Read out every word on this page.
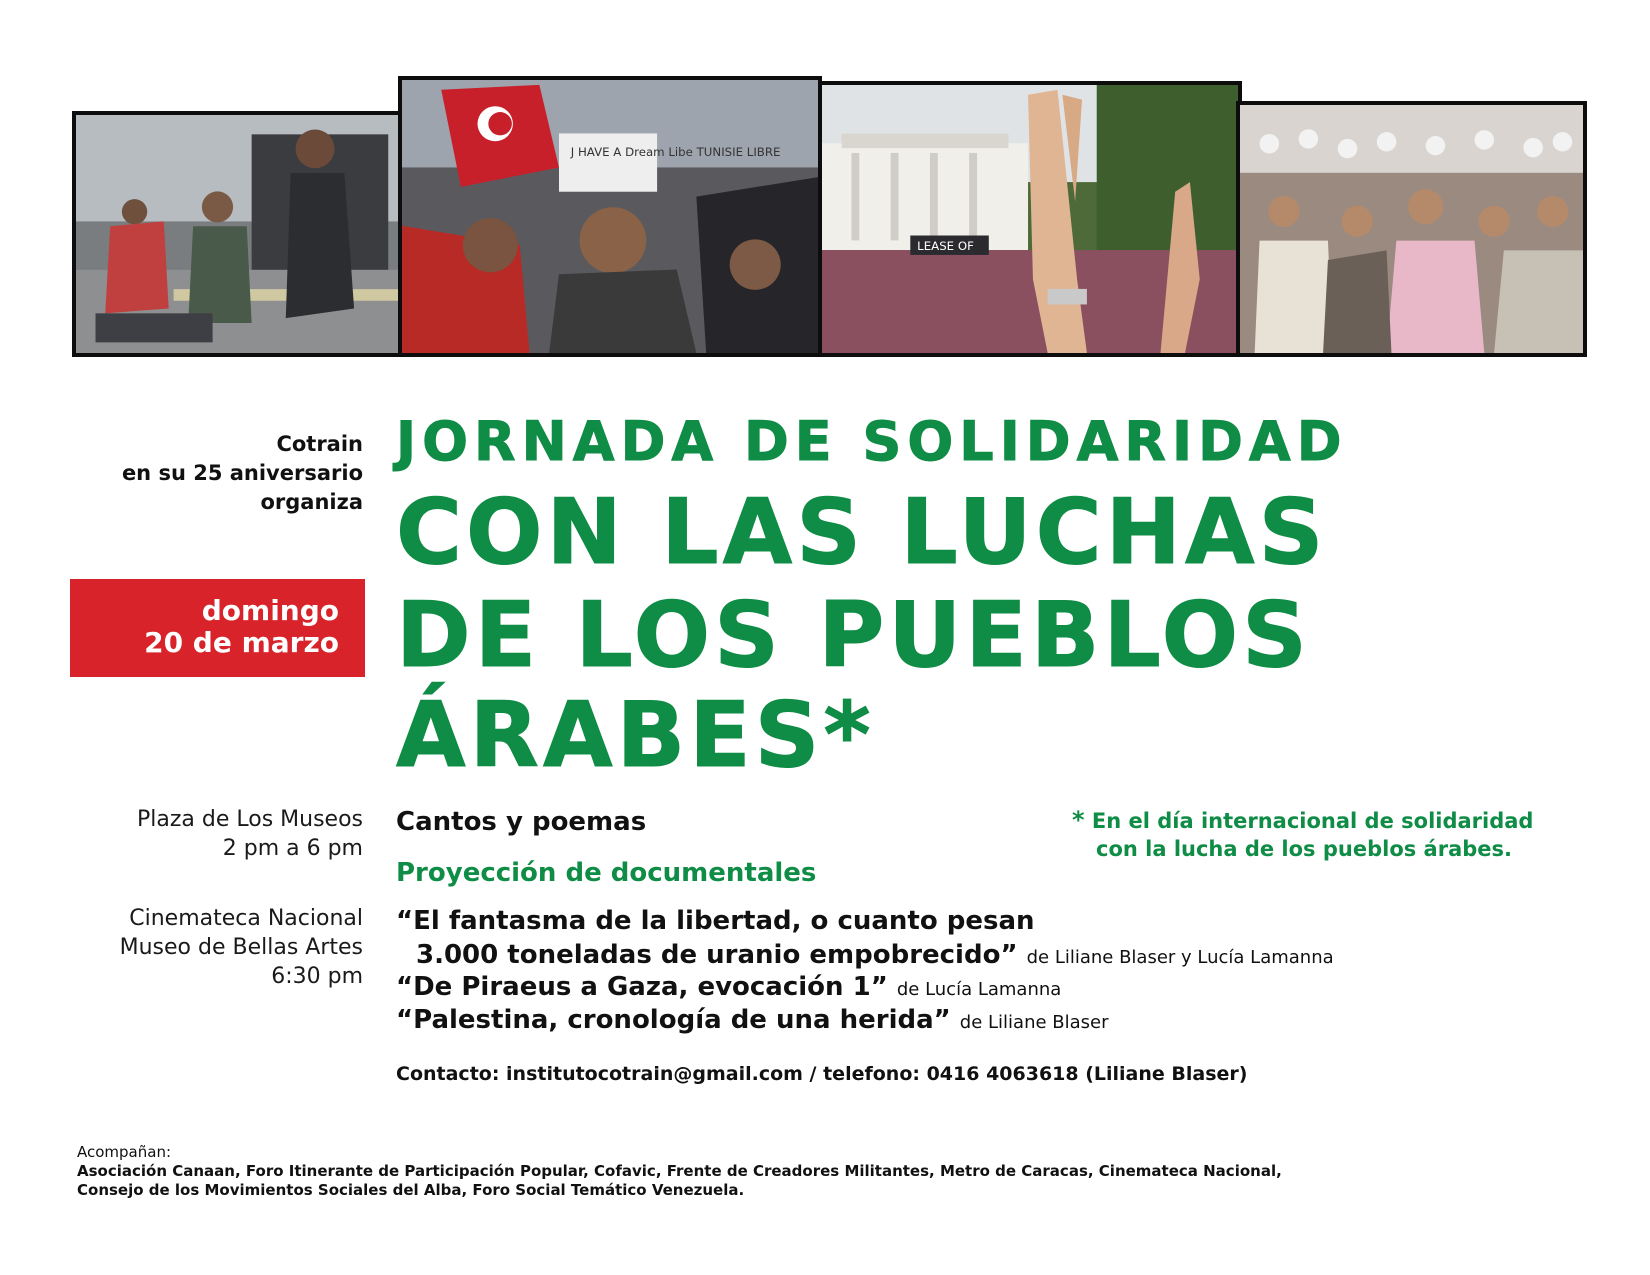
J HAVE A Dream Libe TUNISIE LIBRE
LEASE OF
Cotrain
en su 25 aniversario
organiza
domingo
20 de marzo
Plaza de Los Museos
2 pm a 6 pm
Cinemateca Nacional
Museo de Bellas Artes
6:30 pm
JORNADA DE SOLIDARIDAD
CON LAS LUCHAS
DE LOS PUEBLOS
ÁRABES*
Cantos y poemas
Proyección de documentales
“El fantasma de la libertad, o cuanto pesan
3.000 toneladas de uranio empobrecido” de Liliane Blaser y Lucía Lamanna
“De Piraeus a Gaza, evocación 1” de Lucía Lamanna
“Palestina, cronología de una herida” de Liliane Blaser
Contacto: institutocotrain@gmail.com / telefono: 0416 4063618 (Liliane Blaser)
* En el día internacional de solidaridad
con la lucha de los pueblos árabes.
Acompañan:
Asociación Canaan, Foro Itinerante de Participación Popular, Cofavic, Frente de Creadores Militantes, Metro de Caracas, Cinemateca Nacional,
Consejo de los Movimientos Sociales del Alba, Foro Social Temático Venezuela.
